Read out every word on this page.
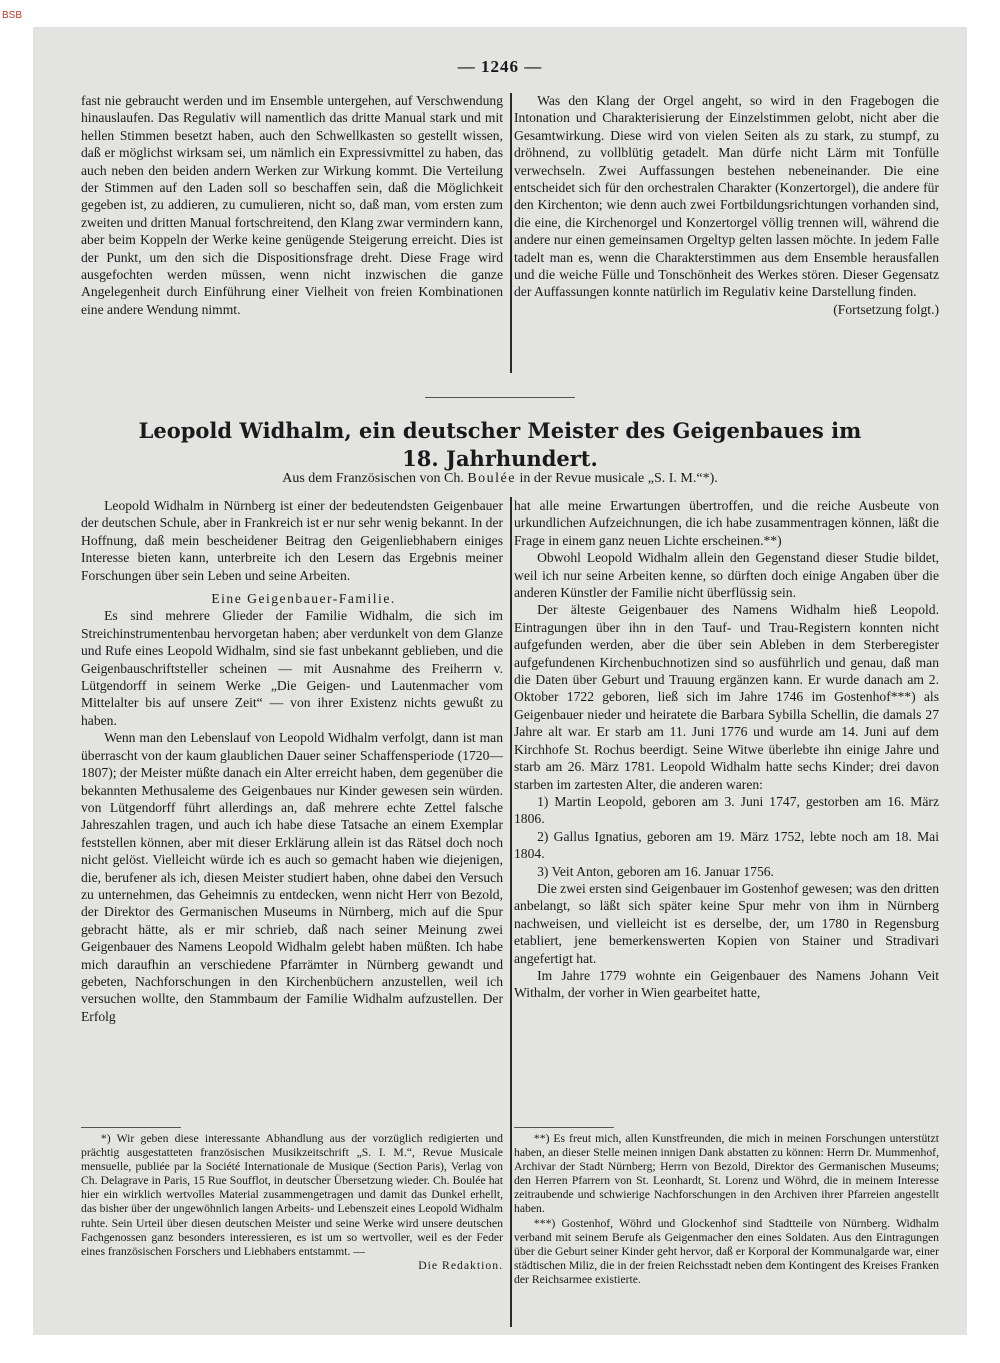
BSB
— 1246 —

fast nie gebraucht werden und im Ensemble untergehen, auf Verschwendung hinauslaufen. Das Regulativ will namentlich das dritte Manual stark und mit hellen Stimmen besetzt haben, auch den Schwellkasten so gestellt wissen, daß er möglichst wirksam sei, um nämlich ein Expressivmittel zu haben, das auch neben den beiden andern Werken zur Wirkung kommt. Die Verteilung der Stimmen auf den Laden soll so beschaffen sein, daß die Möglichkeit gegeben ist, zu addieren, zu cumulieren, nicht so, daß man, vom ersten zum zweiten und dritten Manual fortschreitend, den Klang zwar vermindern kann, aber beim Koppeln der Werke keine genügende Steigerung erreicht. Dies ist der Punkt, um den sich die Dispositionsfrage dreht. Diese Frage wird ausgefochten werden müssen, wenn nicht inzwischen die ganze Angelegenheit durch Einführung einer Vielheit von freien Kombinationen eine andere Wendung nimmt.

Was den Klang der Orgel angeht, so wird in den Fragebogen die Intonation und Charakterisierung der Einzelstimmen gelobt, nicht aber die Gesamtwirkung. Diese wird von vielen Seiten als zu stark, zu stumpf, zu dröhnend, zu vollblütig getadelt. Man dürfe nicht Lärm mit Tonfülle verwechseln. Zwei Auffassungen bestehen nebeneinander. Die eine entscheidet sich für den orchestralen Charakter (Konzertorgel), die andere für den Kirchenton; wie denn auch zwei Fortbildungsrichtungen vorhanden sind, die eine, die Kirchenorgel und Konzertorgel völlig trennen will, während die andere nur einen gemeinsamen Orgeltyp gelten lassen möchte. In jedem Falle tadelt man es, wenn die Charakterstimmen aus dem Ensemble herausfallen und die weiche Fülle und Tonschönheit des Werkes stören. Dieser Gegensatz der Auffassungen konnte natürlich im Regulativ keine Darstellung finden.

(Fortsetzung folgt.)

Leopold Widhalm, ein deutscher Meister des Geigenbaues im
18. Jahrhundert.
Aus dem Französischen von Ch. Boulée in der Revue musicale „S. I. M.“*).

Leopold Widhalm in Nürnberg ist einer der bedeutendsten Geigenbauer der deutschen Schule, aber in Frankreich ist er nur sehr wenig bekannt. In der Hoffnung, daß mein bescheidener Beitrag den Geigenliebhabern einiges Interesse bieten kann, unterbreite ich den Lesern das Ergebnis meiner Forschungen über sein Leben und seine Arbeiten.

Eine Geigenbauer-Familie.

Es sind mehrere Glieder der Familie Widhalm, die sich im Streichinstrumentenbau hervorgetan haben; aber verdunkelt von dem Glanze und Rufe eines Leopold Widhalm, sind sie fast unbekannt geblieben, und die Geigenbauschriftsteller scheinen — mit Ausnahme des Freiherrn v. Lütgendorff in seinem Werke „Die Geigen- und Lautenmacher vom Mittelalter bis auf unsere Zeit“ — von ihrer Existenz nichts gewußt zu haben.

Wenn man den Lebenslauf von Leopold Widhalm verfolgt, dann ist man überrascht von der kaum glaublichen Dauer seiner Schaffensperiode (1720—1807); der Meister müßte danach ein Alter erreicht haben, dem gegenüber die bekannten Methusaleme des Geigenbaues nur Kinder gewesen sein würden. von Lütgendorff führt allerdings an, daß mehrere echte Zettel falsche Jahreszahlen tragen, und auch ich habe diese Tatsache an einem Exemplar feststellen können, aber mit dieser Erklärung allein ist das Rätsel doch noch nicht gelöst. Vielleicht würde ich es auch so gemacht haben wie diejenigen, die, berufener als ich, diesen Meister studiert haben, ohne dabei den Versuch zu unternehmen, das Geheimnis zu entdecken, wenn nicht Herr von Bezold, der Direktor des Germanischen Museums in Nürnberg, mich auf die Spur gebracht hätte, als er mir schrieb, daß nach seiner Meinung zwei Geigenbauer des Namens Leopold Widhalm gelebt haben müßten. Ich habe mich daraufhin an verschiedene Pfarrämter in Nürnberg gewandt und gebeten, Nachforschungen in den Kirchenbüchern anzustellen, weil ich versuchen wollte, den Stammbaum der Familie Widhalm aufzustellen. Der Erfolg

hat alle meine Erwartungen übertroffen, und die reiche Ausbeute von urkundlichen Aufzeichnungen, die ich habe zusammentragen können, läßt die Frage in einem ganz neuen Lichte erscheinen.**)

Obwohl Leopold Widhalm allein den Gegenstand dieser Studie bildet, weil ich nur seine Arbeiten kenne, so dürften doch einige Angaben über die anderen Künstler der Familie nicht überflüssig sein.

Der älteste Geigenbauer des Namens Widhalm hieß Leopold. Eintragungen über ihn in den Tauf- und Trau-Registern konnten nicht aufgefunden werden, aber die über sein Ableben in dem Sterberegister aufgefundenen Kirchenbuchnotizen sind so ausführlich und genau, daß man die Daten über Geburt und Trauung ergänzen kann. Er wurde danach am 2. Oktober 1722 geboren, ließ sich im Jahre 1746 im Gostenhof***) als Geigenbauer nieder und heiratete die Barbara Sybilla Schellin, die damals 27 Jahre alt war. Er starb am 11. Juni 1776 und wurde am 14. Juni auf dem Kirchhofe St. Rochus beerdigt. Seine Witwe überlebte ihn einige Jahre und starb am 26. März 1781. Leopold Widhalm hatte sechs Kinder; drei davon starben im zartesten Alter, die anderen waren:

1) Martin Leopold, geboren am 3. Juni 1747, gestorben am 16. März 1806.

2) Gallus Ignatius, geboren am 19. März 1752, lebte noch am 18. Mai 1804.

3) Veit Anton, geboren am 16. Januar 1756.

Die zwei ersten sind Geigenbauer im Gostenhof gewesen; was den dritten anbelangt, so läßt sich später keine Spur mehr von ihm in Nürnberg nachweisen, und vielleicht ist es derselbe, der, um 1780 in Regensburg etabliert, jene bemerkenswerten Kopien von Stainer und Stradivari angefertigt hat.

Im Jahre 1779 wohnte ein Geigenbauer des Namens Johann Veit Withalm, der vorher in Wien gearbeitet hatte,

*) Wir geben diese interessante Abhandlung aus der vorzüglich redigierten und prächtig ausgestatteten französischen Musikzeitschrift „S. I. M.“, Revue Musicale mensuelle, publiée par la Société Internationale de Musique (Section Paris), Verlag von Ch. Delagrave in Paris, 15 Rue Soufflot, in deutscher Übersetzung wieder. Ch. Boulée hat hier ein wirklich wertvolles Material zusammengetragen und damit das Dunkel erhellt, das bisher über der ungewöhnlich langen Arbeits- und Lebenszeit eines Leopold Widhalm ruhte. Sein Urteil über diesen deutschen Meister und seine Werke wird unsere deutschen Fachgenossen ganz besonders interessieren, es ist um so wertvoller, weil es der Feder eines französischen Forschers und Liebhabers entstammt. —

Die Redaktion.

**) Es freut mich, allen Kunstfreunden, die mich in meinen Forschungen unterstützt haben, an dieser Stelle meinen innigen Dank abstatten zu können: Herrn Dr. Mummenhof, Archivar der Stadt Nürnberg; Herrn von Bezold, Direktor des Germanischen Museums; den Herren Pfarrern von St. Leonhardt, St. Lorenz und Wöhrd, die in meinem Interesse zeitraubende und schwierige Nachforschungen in den Archiven ihrer Pfarreien angestellt haben.

***) Gostenhof, Wöhrd und Glockenhof sind Stadtteile von Nürnberg. Widhalm verband mit seinem Berufe als Geigenmacher den eines Soldaten. Aus den Eintragungen über die Geburt seiner Kinder geht hervor, daß er Korporal der Kommunalgarde war, einer städtischen Miliz, die in der freien Reichsstadt neben dem Kontingent des Kreises Franken der Reichsarmee existierte.
